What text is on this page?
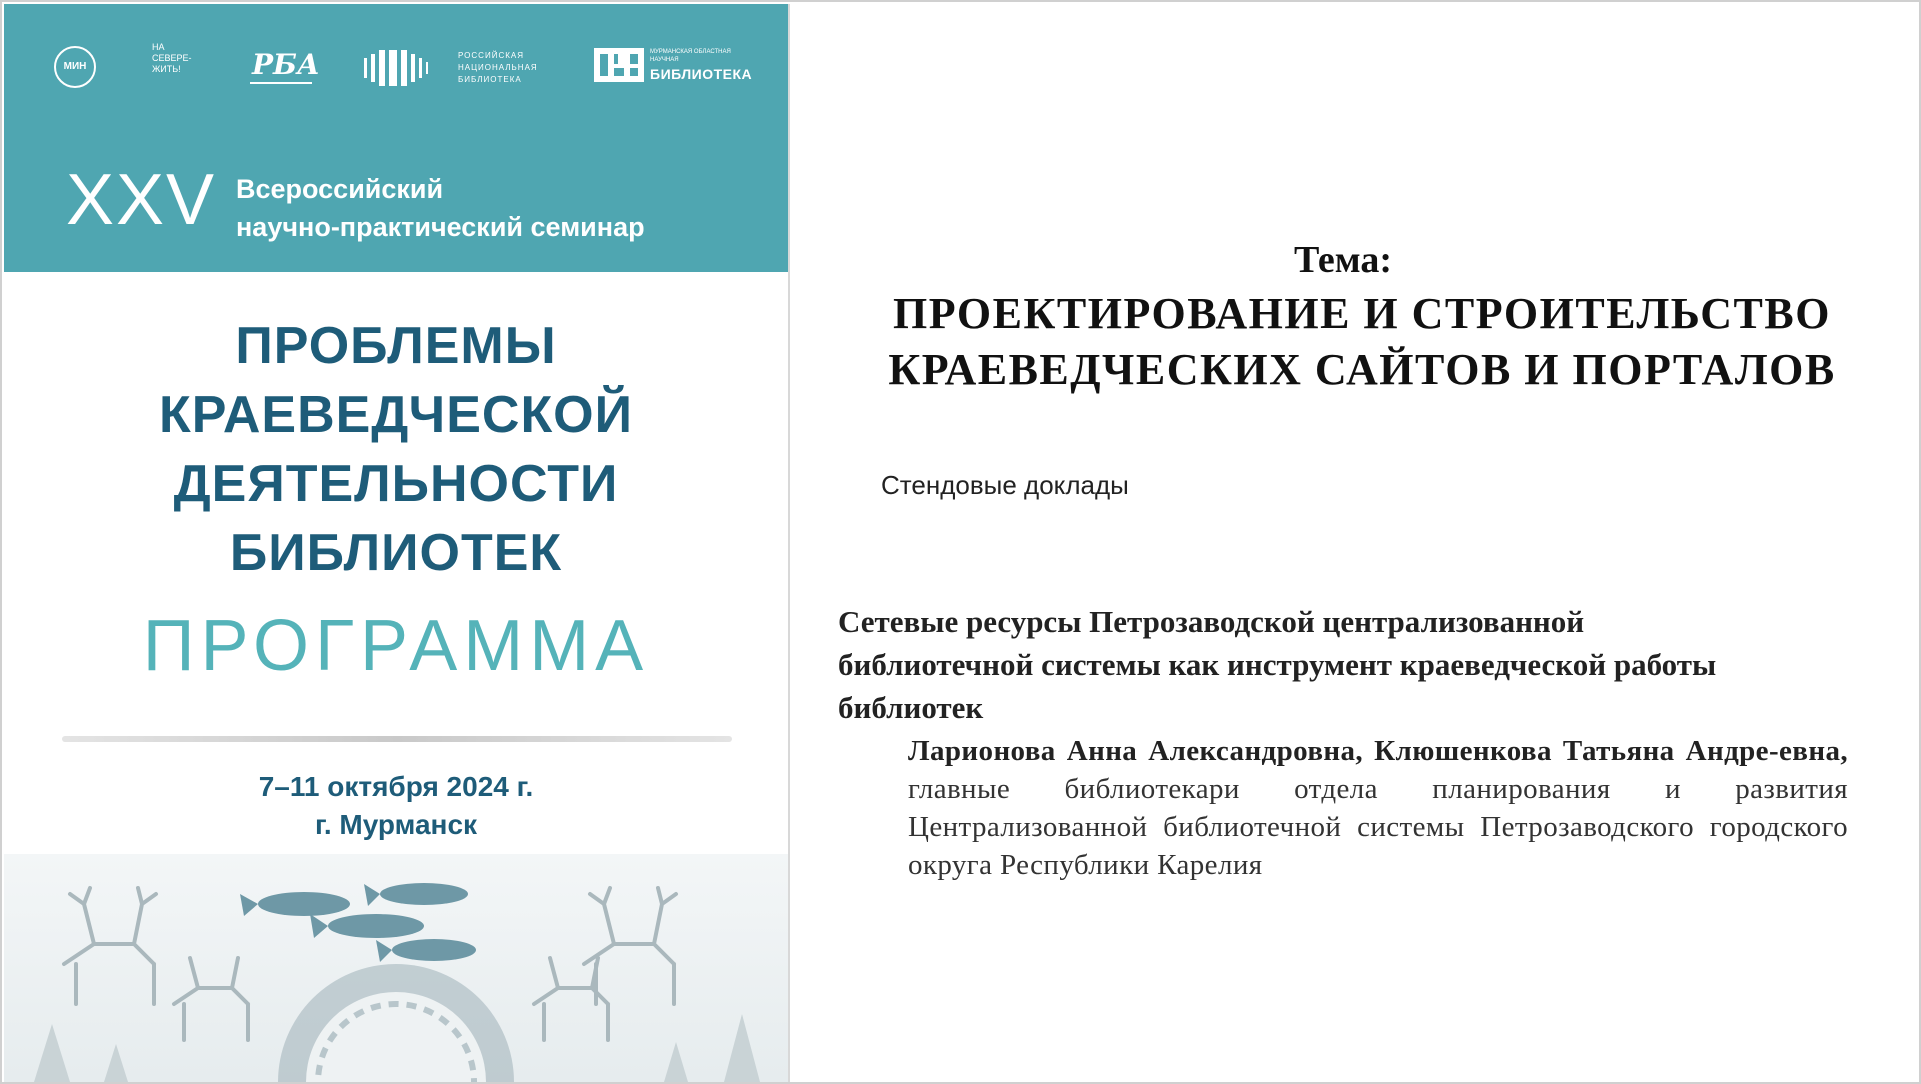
МИН
НА СЕВЕРЕ-ЖИТЬ!	РБА	РОССИЙСКАЯ НАЦИОНАЛЬНАЯ БИБЛИОТЕКА
МУРМАНСКАЯ ОБЛАСТНАЯ НАУЧНАЯ
БИБЛИОТЕКА
XXV Всероссийский
научно-практический семинар
ПРОБЛЕМЫ
КРАЕВЕДЧЕСКОЙ
ДЕЯТЕЛЬНОСТИ
БИБЛИОТЕК
ПРОГРАММА
7–11 октября 2024 г.
г. Мурманск
Тема:
ПРОЕКТИРОВАНИЕ И СТРОИТЕЛЬСТВО
КРАЕВЕДЧЕСКИХ САЙТОВ И ПОРТАЛОВ
Стендовые доклады
Сетевые ресурсы Петрозаводской централизованной
библиотечной системы как инструмент краеведческой работы
библиотек
Ларионова Анна Александровна, Клюшенкова Татьяна Андре-евна, главные библиотекари отдела планирования и развития Централизованной библиотечной системы Петрозаводского городского округа Республики Карелия
